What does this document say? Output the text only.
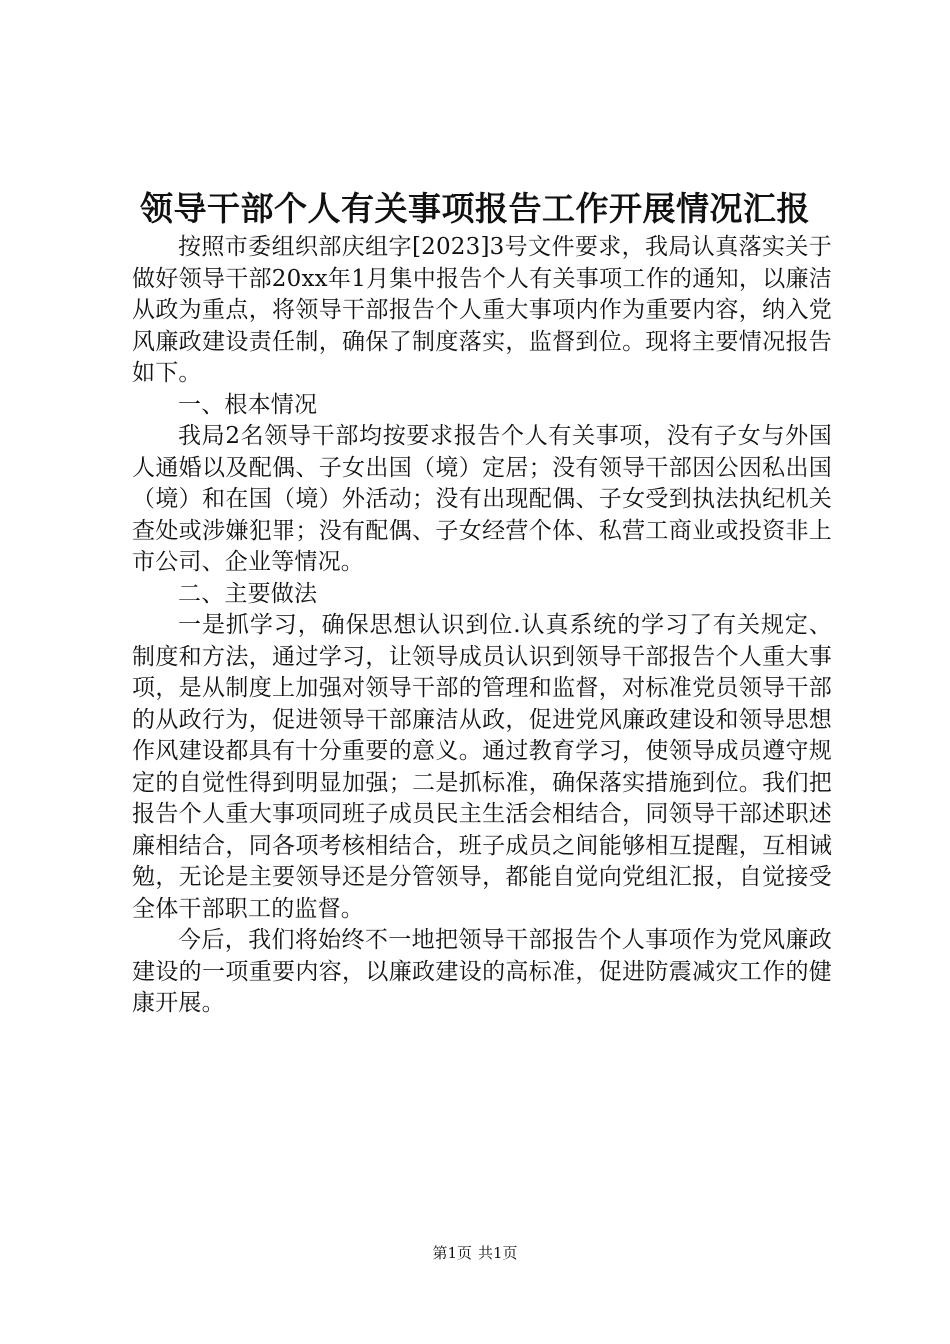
领导干部个人有关事项报告工作开展情况汇报

按照市委组织部庆组字[2023]3号文件要求，我局认真落实关于做好领导干部20xx年1月集中报告个人有关事项工作的通知，以廉洁从政为重点，将领导干部报告个人重大事项内作为重要内容，纳入党风廉政建设责任制，确保了制度落实，监督到位。现将主要情况报告如下。

一、根本情况

我局2名领导干部均按要求报告个人有关事项，没有子女与外国人通婚以及配偶、子女出国（境）定居；没有领导干部因公因私出国（境）和在国（境）外活动；没有出现配偶、子女受到执法执纪机关查处或涉嫌犯罪；没有配偶、子女经营个体、私营工商业或投资非上市公司、企业等情况。

二、主要做法

一是抓学习，确保思想认识到位.认真系统的学习了有关规定、制度和方法，通过学习，让领导成员认识到领导干部报告个人重大事项，是从制度上加强对领导干部的管理和监督，对标准党员领导干部的从政行为，促进领导干部廉洁从政，促进党风廉政建设和领导思想作风建设都具有十分重要的意义。通过教育学习，使领导成员遵守规定的自觉性得到明显加强；二是抓标准，确保落实措施到位。我们把报告个人重大事项同班子成员民主生活会相结合，同领导干部述职述廉相结合，同各项考核相结合，班子成员之间能够相互提醒，互相诫勉，无论是主要领导还是分管领导，都能自觉向党组汇报，自觉接受全体干部职工的监督。

今后，我们将始终不一地把领导干部报告个人事项作为党风廉政建设的一项重要内容，以廉政建设的高标准，促进防震减灾工作的健康开展。

第1页 共1页
